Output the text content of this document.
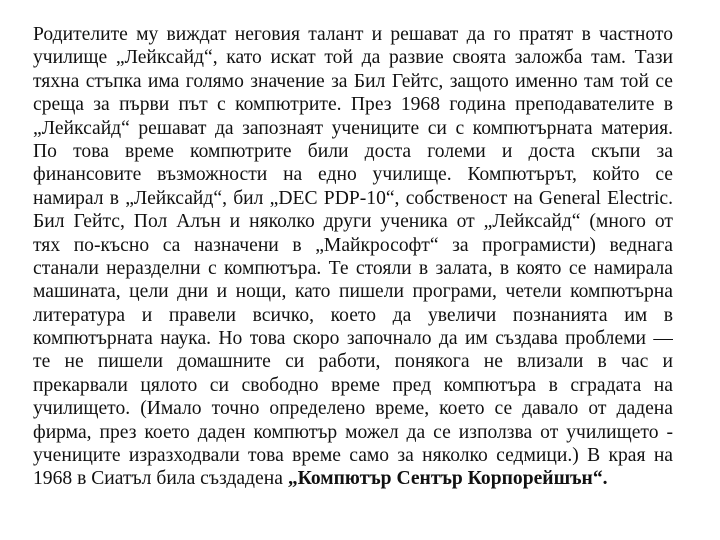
Родителите му виждат неговия талант и решават да го пратят в частното
училище „Лейксайд“, като искат той да развие своята заложба там. Тази
тяхна стъпка има голямо значение за Бил Гейтс, защото именно там той се
среща за първи път с компютрите. През 1968 година преподавателите в
„Лейксайд“ решават да запознаят учениците си с компютърната материя.
По това време компютрите били доста големи и доста скъпи за
финансовите възможности на едно училище. Компютърът, който се
намирал в „Лейксайд“, бил „DEC PDP-10“, собственост на General Electric.
Бил Гейтс, Пол Алън и няколко други ученика от „Лейксайд“ (много от
тях по-късно са назначени в „Майкрософт“ за програмисти) веднага
станали неразделни с компютъра. Те стояли в залата, в която се намирала
машината, цели дни и нощи, като пишели програми, четели компютърна
литература и правели всичко, което да увеличи познанията им в
компютърната наука. Но това скоро започнало да им създава проблеми —
те не пишели домашните си работи, понякога не влизали в час и
прекарвали цялото си свободно време пред компютъра в сградата на
училището. (Имало точно определено време, което се давало от дадена
фирма, през което даден компютър можел да се използва от училището -
учениците изразходвали това време само за няколко седмици.) В края на
1968 в Сиатъл била създадена „Компютър Сентър Корпорейшън“.
